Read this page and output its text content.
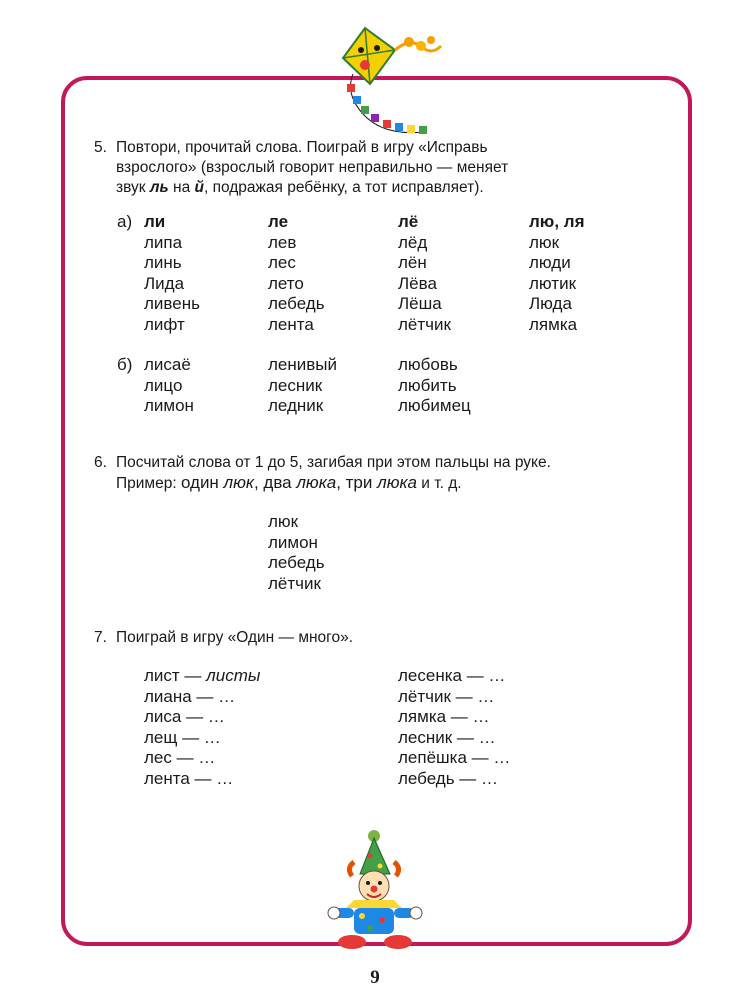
5. Повтори, прочитай слова. Поиграй в игру «Исправь
взрослого» (взрослый говорит неправильно — меняет
звук ль на й, подражая ребёнку, а тот исправляет).
а) ли
липа
линь
Лида
ливень
лифт
ле
лев
лес
лето
лебедь
лента
лё
лёд
лён
Лёва
Лёша
лётчик
лю, ля
люк
люди
лютик
Люда
лямка
б) лисаё
лицо
лимон
ленивый
лесник
ледник
любовь
любить
любимец
6. Посчитай слова от 1 до 5, загибая при этом пальцы на руке.
Пример: один люк, два люка, три люка и т. д.
люк
лимон
лебедь
лётчик
7. Поиграй в игру «Один — много».
лист — листы
лиана — …
лиса — …
лещ — …
лес — …
лента — …
лесенка — …
лётчик — …
лямка — …
лесник — …
лепёшка — …
лебедь — …
9
